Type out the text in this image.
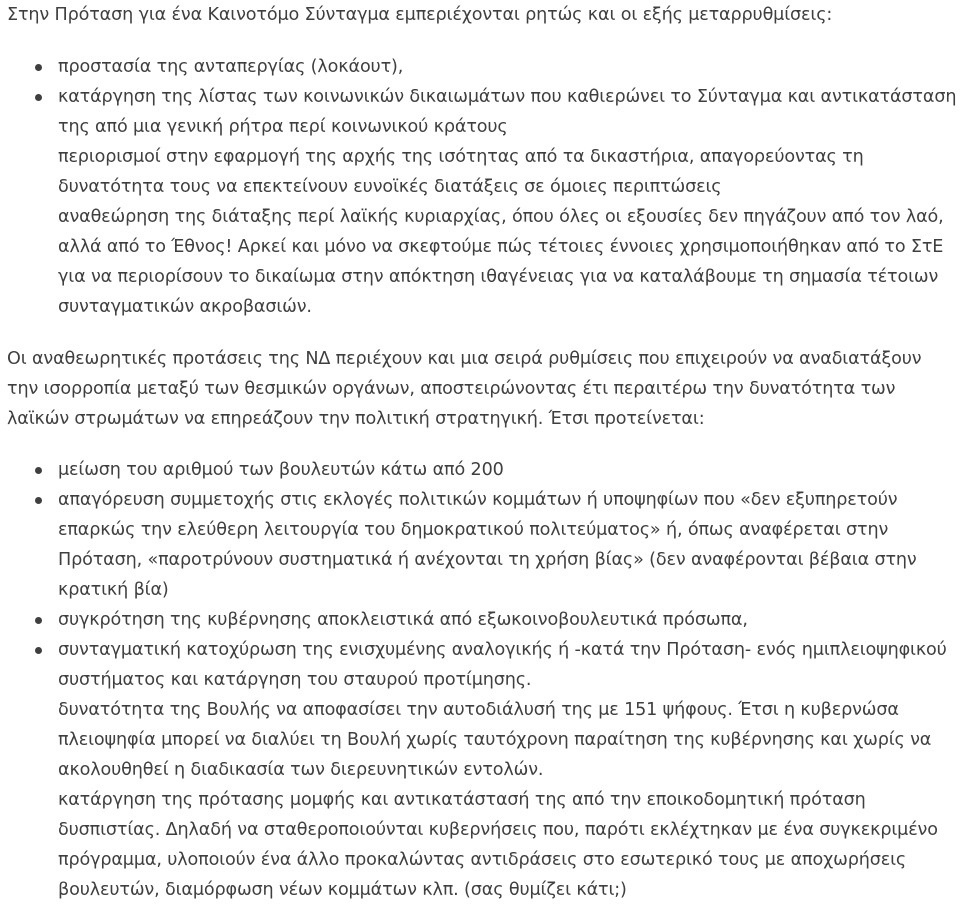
Στην Πρόταση για ένα Καινοτόμο Σύνταγμα εμπεριέχονται ρητώς και οι εξής μεταρρυθμίσεις:

προστασία της ανταπεργίας (λοκάουτ),
κατάργηση της λίστας των κοινωνικών δικαιωμάτων που καθιερώνει το Σύνταγμα και αντικατάσταση της από μια γενική ρήτρα περί κοινωνικού κράτους
περιορισμοί στην εφαρμογή της αρχής της ισότητας από τα δικαστήρια, απαγορεύοντας τη δυνατότητα τους να επεκτείνουν ευνοϊκές διατάξεις σε όμοιες περιπτώσεις
αναθεώρηση της διάταξης περί λαϊκής κυριαρχίας, όπου όλες οι εξουσίες δεν πηγάζουν από τον λαό, αλλά από το Έθνος! Αρκεί και μόνο να σκεφτούμε πώς τέτοιες έννοιες χρησιμοποιήθηκαν από το ΣτΕ για να περιορίσουν το δικαίωμα στην απόκτηση ιθαγένειας για να καταλάβουμε τη σημασία τέτοιων συνταγματικών ακροβασιών.

Οι αναθεωρητικές προτάσεις της ΝΔ περιέχουν και μια σειρά ρυθμίσεις που επιχειρούν να αναδιατάξουν την ισορροπία μεταξύ των θεσμικών οργάνων, αποστειρώνοντας έτι περαιτέρω την δυνατότητα των λαϊκών στρωμάτων να επηρεάζουν την πολιτική στρατηγική. Έτσι προτείνεται:

μείωση του αριθμού των βουλευτών κάτω από 200
απαγόρευση συμμετοχής στις εκλογές πολιτικών κομμάτων ή υποψηφίων που «δεν εξυπηρετούν επαρκώς την ελεύθερη λειτουργία του δημοκρατικού πολιτεύματος» ή, όπως αναφέρεται στην Πρόταση, «παροτρύνουν συστηματικά ή ανέχονται τη χρήση βίας» (δεν αναφέρονται βέβαια στην κρατική βία)
συγκρότηση της κυβέρνησης αποκλειστικά από εξωκοινοβουλευτικά πρόσωπα,
συνταγματική κατοχύρωση της ενισχυμένης αναλογικής ή -κατά την Πρόταση- ενός ημιπλειοψηφικού συστήματος και κατάργηση του σταυρού προτίμησης.
δυνατότητα της Βουλής να αποφασίσει την αυτοδιάλυσή της με 151 ψήφους. Έτσι η κυβερνώσα πλειοψηφία μπορεί να διαλύει τη Βουλή χωρίς ταυτόχρονη παραίτηση της κυβέρνησης και χωρίς να ακολουθηθεί η διαδικασία των διερευνητικών εντολών.
κατάργηση της πρότασης μομφής και αντικατάστασή της από την εποικοδομητική πρόταση δυσπιστίας. Δηλαδή να σταθεροποιούνται κυβερνήσεις που, παρότι εκλέχτηκαν με ένα συγκεκριμένο πρόγραμμα, υλοποιούν ένα άλλο προκαλώντας αντιδράσεις στο εσωτερικό τους με αποχωρήσεις βουλευτών, διαμόρφωση νέων κομμάτων κλπ. (σας θυμίζει κάτι;)
